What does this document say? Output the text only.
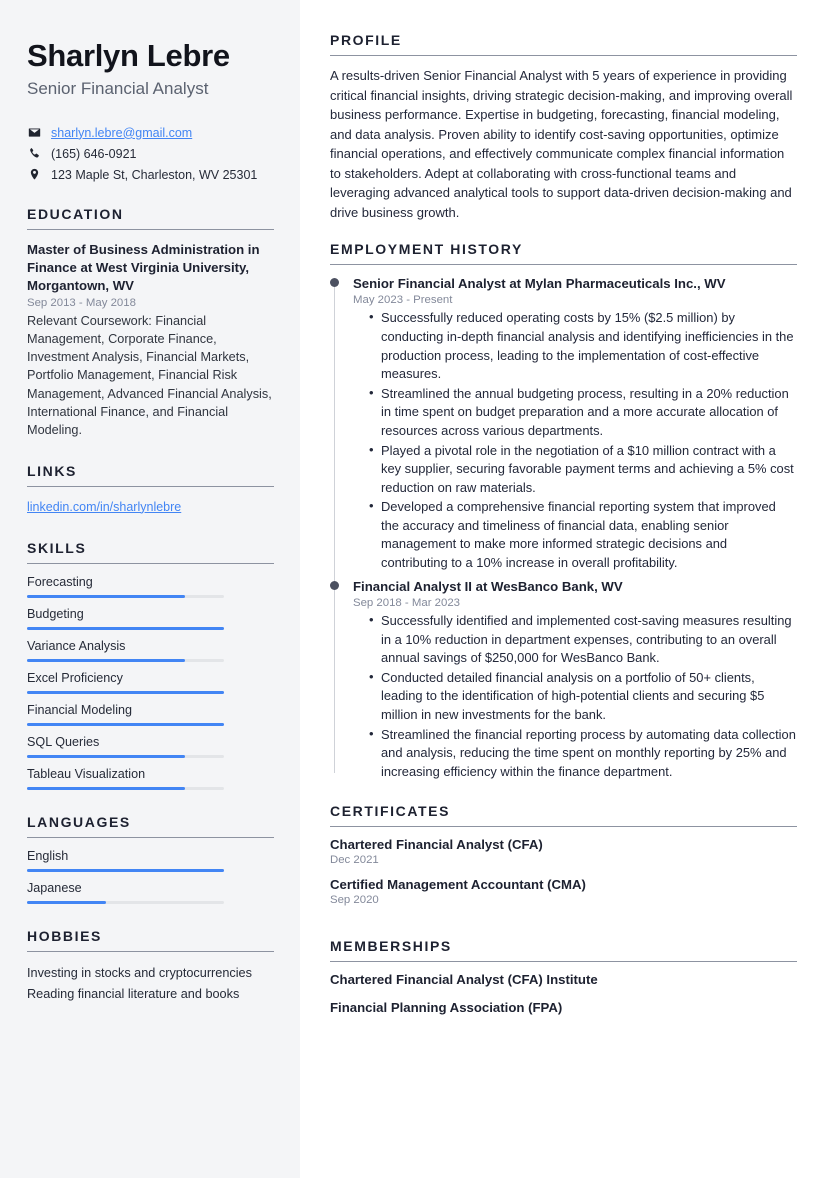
Sharlyn Lebre
Senior Financial Analyst
sharlyn.lebre@gmail.com
(165) 646-0921
123 Maple St, Charleston, WV 25301
EDUCATION
Master of Business Administration in Finance at West Virginia University, Morgantown, WV
Sep 2013 - May 2018
Relevant Coursework: Financial Management, Corporate Finance, Investment Analysis, Financial Markets, Portfolio Management, Financial Risk Management, Advanced Financial Analysis, International Finance, and Financial Modeling.
LINKS
linkedin.com/in/sharlynlebre
SKILLS
Forecasting
Budgeting
Variance Analysis
Excel Proficiency
Financial Modeling
SQL Queries
Tableau Visualization
LANGUAGES
English
Japanese
HOBBIES
Investing in stocks and cryptocurrencies
Reading financial literature and books
PROFILE

A results-driven Senior Financial Analyst with 5 years of experience in providing critical financial insights, driving strategic decision-making, and improving overall business performance. Expertise in budgeting, forecasting, financial modeling, and data analysis. Proven ability to identify cost-saving opportunities, optimize financial operations, and effectively communicate complex financial information to stakeholders. Adept at collaborating with cross-functional teams and leveraging advanced analytical tools to support data-driven decision-making and drive business growth.

EMPLOYMENT HISTORY
Senior Financial Analyst at Mylan Pharmaceuticals Inc., WV
May 2023 - Present
• Successfully reduced operating costs by 15% ($2.5 million) by conducting in-depth financial analysis and identifying inefficiencies in the production process, leading to the implementation of cost-effective measures.
• Streamlined the annual budgeting process, resulting in a 20% reduction in time spent on budget preparation and a more accurate allocation of resources across various departments.
• Played a pivotal role in the negotiation of a $10 million contract with a key supplier, securing favorable payment terms and achieving a 5% cost reduction on raw materials.
• Developed a comprehensive financial reporting system that improved the accuracy and timeliness of financial data, enabling senior management to make more informed strategic decisions and contributing to a 10% increase in overall profitability.
Financial Analyst II at WesBanco Bank, WV
Sep 2018 - Mar 2023
• Successfully identified and implemented cost-saving measures resulting in a 10% reduction in department expenses, contributing to an overall annual savings of $250,000 for WesBanco Bank.
• Conducted detailed financial analysis on a portfolio of 50+ clients, leading to the identification of high-potential clients and securing $5 million in new investments for the bank.
• Streamlined the financial reporting process by automating data collection and analysis, reducing the time spent on monthly reporting by 25% and increasing efficiency within the finance department.
CERTIFICATES
Chartered Financial Analyst (CFA)
Dec 2021
Certified Management Accountant (CMA)
Sep 2020
MEMBERSHIPS
Chartered Financial Analyst (CFA) Institute
Financial Planning Association (FPA)
